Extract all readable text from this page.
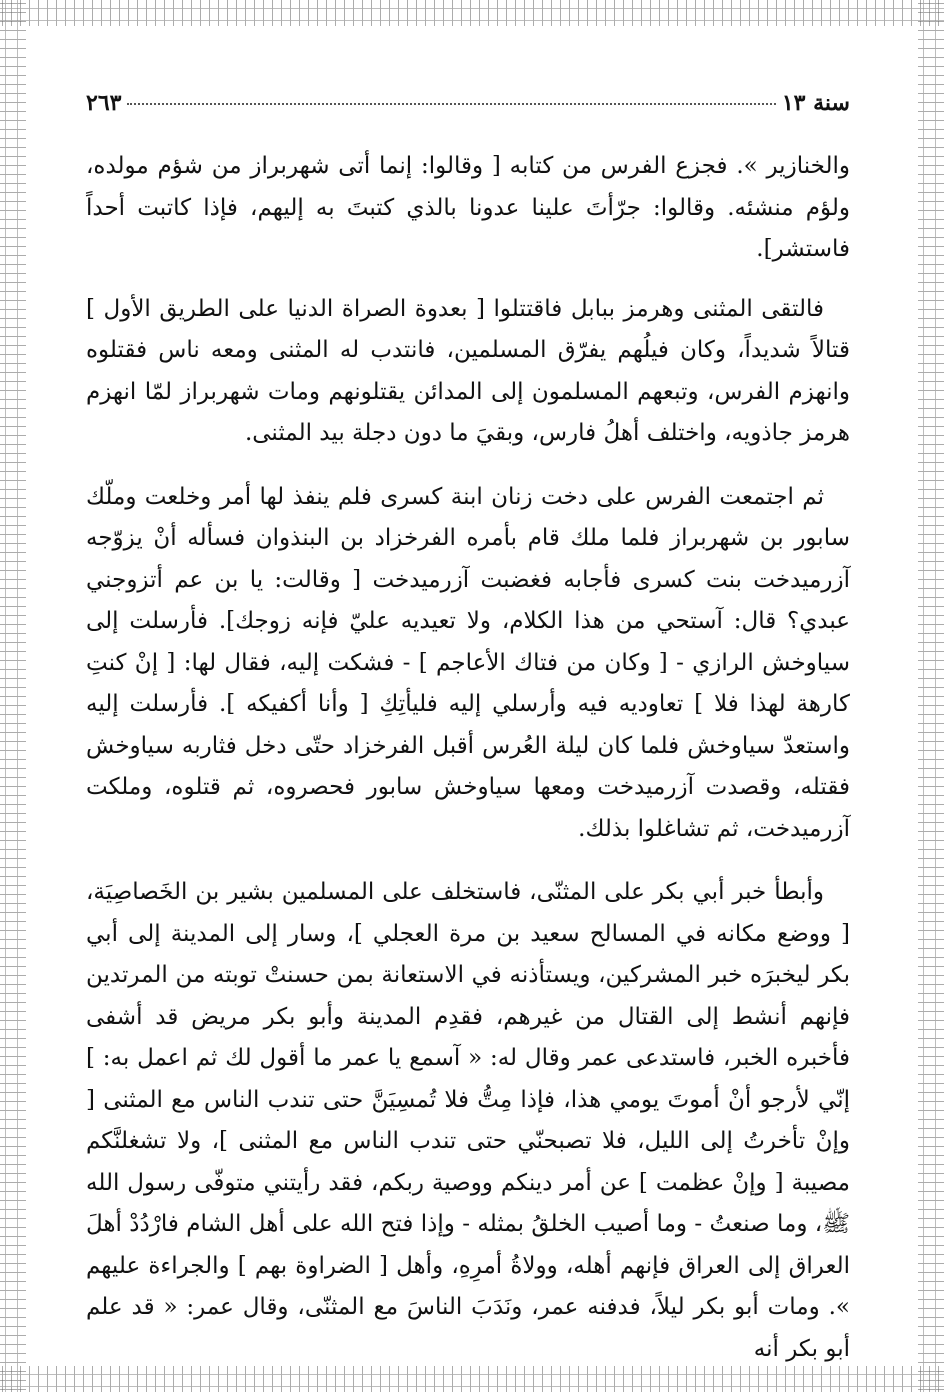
سنة ١٣
٢٦٣

والخنازير ». فجزع الفرس من كتابه [ وقالوا: إنما أتى شهربراز من شؤم مولده، ولؤم منشئه. وقالوا: جرّأتَ علينا عدونا بالذي كتبتَ به إليهم، فإذا كاتبت أحداً فاستشر].

فالتقى المثنى وهرمز ببابل فاقتتلوا [ بعدوة الصراة الدنيا على الطريق الأول ] قتالاً شديداً، وكان فيلُهم يفرّق المسلمين، فانتدب له المثنى ومعه ناس فقتلوه وانهزم الفرس، وتبعهم المسلمون إلى المدائن يقتلونهم ومات شهربراز لمّا انهزم هرمز جاذويه، واختلف أهلُ فارس، وبقيَ ما دون دجلة بيد المثنى.

ثم اجتمعت الفرس على دخت زنان ابنة كسرى فلم ينفذ لها أمر وخلعت وملّك سابور بن شهربراز فلما ملك قام بأمره الفرخزاد بن البنذوان فسأله أنْ يزوّجه آزرميدخت بنت كسرى فأجابه فغضبت آزرميدخت [ وقالت: يا بن عم أتزوجني عبدي؟ قال: آستحي من هذا الكلام، ولا تعيديه عليّ فإنه زوجك]. فأرسلت إلى سياوخش الرازي - [ وكان من فتاك الأعاجم ] - فشكت إليه، فقال لها: [ إنْ كنتِ كارهة لهذا فلا ] تعاوديه فيه وأرسلي إليه فليأتِكِ [ وأنا أكفيكه ]. فأرسلت إليه واستعدّ سياوخش فلما كان ليلة العُرس أقبل الفرخزاد حتّى دخل فثاربه سياوخش فقتله، وقصدت آزرميدخت ومعها سياوخش سابور فحصروه، ثم قتلوه، وملكت آزرميدخت، ثم تشاغلوا بذلك.

وأبطأ خبر أبي بكر على المثنّى، فاستخلف على المسلمين بشير بن الخَصاصِيَة، [ ووضع مكانه في المسالح سعيد بن مرة العجلي ]، وسار إلى المدينة إلى أبي بكر ليخبرَه خبر المشركين، ويستأذنه في الاستعانة بمن حسنتْ توبته من المرتدين فإنهم أنشط إلى القتال من غيرهم، فقدِم المدينة وأبو بكر مريض قد أشفى فأخبره الخبر، فاستدعى عمر وقال له: « آسمع يا عمر ما أقول لك ثم اعمل به: ] إنّي لأرجو أنْ أموتَ يومي هذا، فإذا مِتُّ فلا تُمسِيَنَّ حتى تندب الناس مع المثنى [ وإنْ تأخرتُ إلى الليل، فلا تصبحنّي حتى تندب الناس مع المثنى ]، ولا تشغلنَّكم مصيبة [ وإنْ عظمت ] عن أمر دينكم ووصية ربكم، فقد رأيتني متوفّى رسول الله ﷺ، وما صنعتُ - وما أصيب الخلقُ بمثله - وإذا فتح الله على أهل الشام فارْدُدْ أهلَ العراق إلى العراق فإنهم أهله، وولاةُ أمرِهِ، وأهل [ الضراوة بهم ] والجراءة عليهم ». ومات أبو بكر ليلاً، فدفنه عمر، ونَدَبَ الناسَ مع المثنّى، وقال عمر: « قد علم أبو بكر أنه
